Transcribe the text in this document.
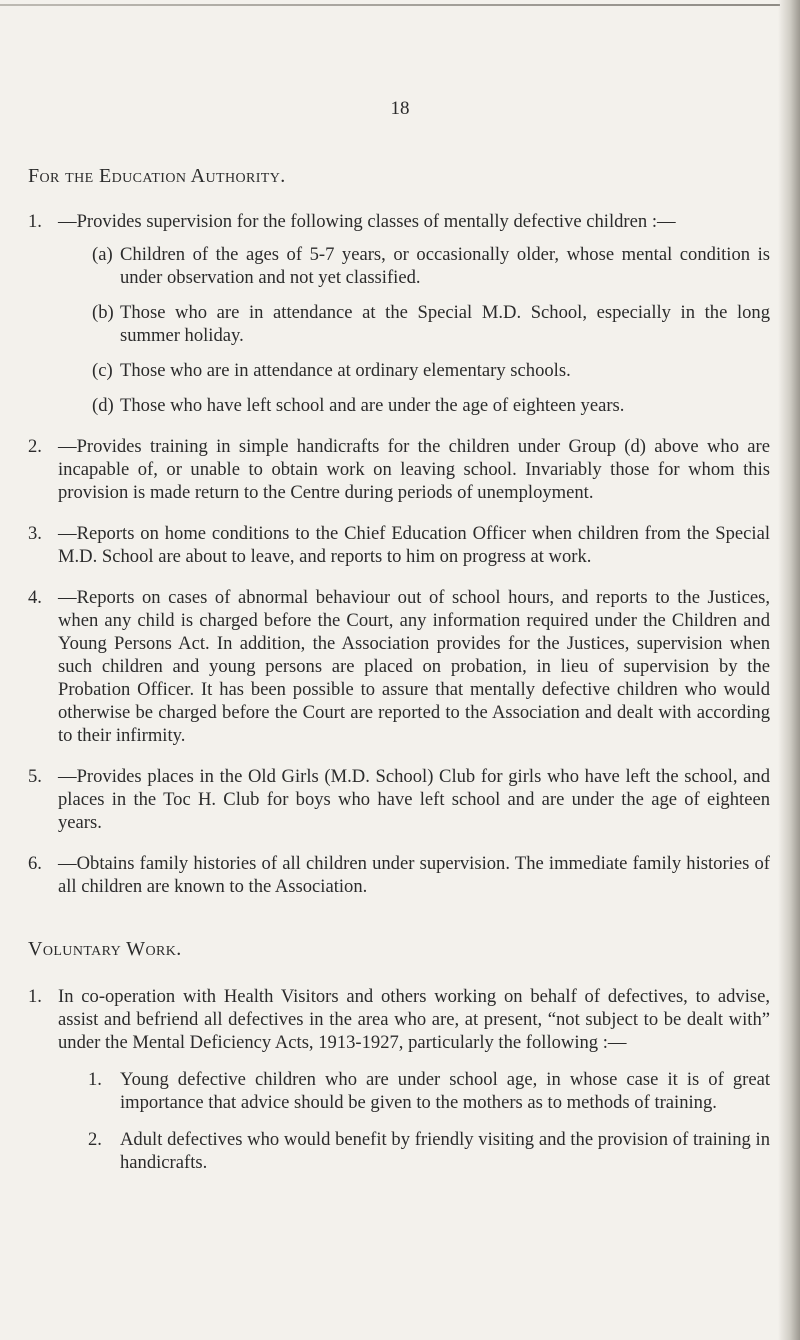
18
For the Education Authority.
1. —Provides supervision for the following classes of mentally defective children :—
(a) Children of the ages of 5-7 years, or occasionally older, whose mental condition is under observation and not yet classified.
(b) Those who are in attendance at the Special M.D. School, especially in the long summer holiday.
(c) Those who are in attendance at ordinary elementary schools.
(d) Those who have left school and are under the age of eighteen years.
2. —Provides training in simple handicrafts for the children under Group (d) above who are incapable of, or unable to obtain work on leaving school. Invariably those for whom this provision is made return to the Centre during periods of unemployment.
3. —Reports on home conditions to the Chief Education Officer when children from the Special M.D. School are about to leave, and reports to him on progress at work.
4. —Reports on cases of abnormal behaviour out of school hours, and reports to the Justices, when any child is charged before the Court, any information required under the Children and Young Persons Act. In addition, the Association provides for the Justices, supervision when such children and young persons are placed on probation, in lieu of supervision by the Probation Officer. It has been possible to assure that mentally defective children who would otherwise be charged before the Court are reported to the Association and dealt with according to their infirmity.
5. —Provides places in the Old Girls (M.D. School) Club for girls who have left the school, and places in the Toc H. Club for boys who have left school and are under the age of eighteen years.
6. —Obtains family histories of all children under supervision. The immediate family histories of all children are known to the Association.
Voluntary Work.
1. In co-operation with Health Visitors and others working on behalf of defectives, to advise, assist and befriend all defectives in the area who are, at present, “not subject to be dealt with” under the Mental Deficiency Acts, 1913-1927, particularly the following :—
1. Young defective children who are under school age, in whose case it is of great importance that advice should be given to the mothers as to methods of training.
2. Adult defectives who would benefit by friendly visiting and the provision of training in handicrafts.
